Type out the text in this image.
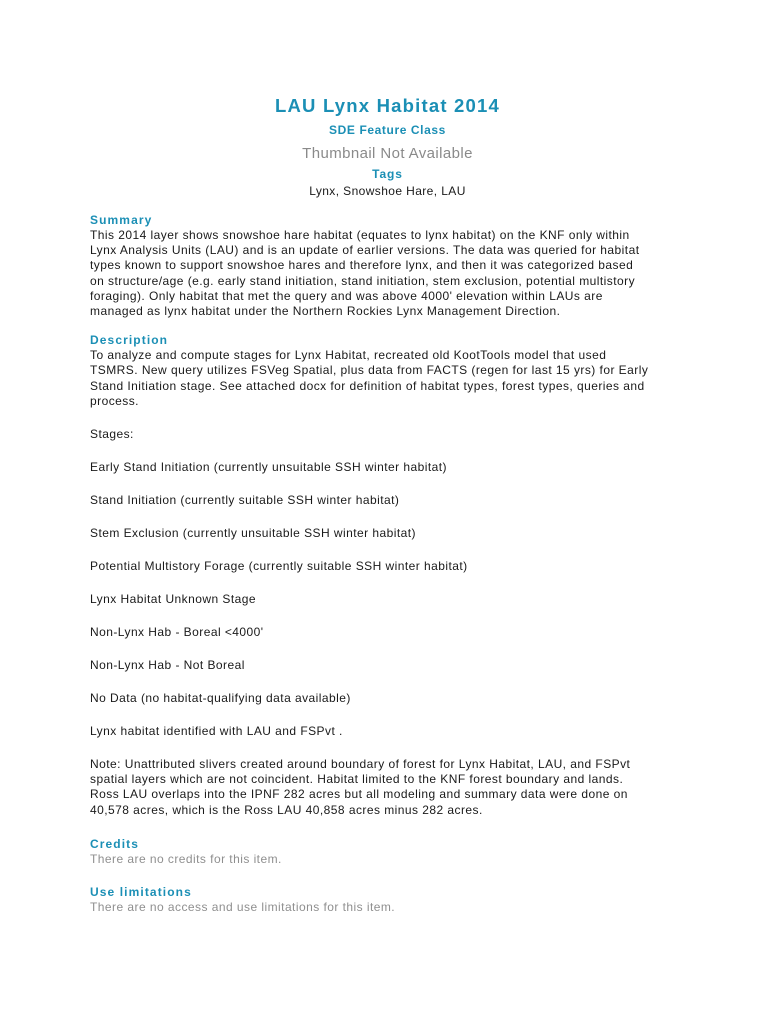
LAU Lynx Habitat 2014
SDE Feature Class
Thumbnail Not Available
Tags
Lynx, Snowshoe Hare, LAU
Summary
This 2014 layer shows snowshoe hare habitat (equates to lynx habitat) on the KNF only within
Lynx Analysis Units (LAU) and is an update of earlier versions. The data was queried for habitat
types known to support snowshoe hares and therefore lynx, and then it was categorized based
on structure/age (e.g. early stand initiation, stand initiation, stem exclusion, potential multistory
foraging). Only habitat that met the query and was above 4000' elevation within LAUs are
managed as lynx habitat under the Northern Rockies Lynx Management Direction.
Description
To analyze and compute stages for Lynx Habitat, recreated old KootTools model that used
TSMRS. New query utilizes FSVeg Spatial, plus data from FACTS (regen for last 15 yrs) for Early
Stand Initiation stage. See attached docx for definition of habitat types, forest types, queries and
process.
Stages:
Early Stand Initiation (currently unsuitable SSH winter habitat)
Stand Initiation (currently suitable SSH winter habitat)
Stem Exclusion (currently unsuitable SSH winter habitat)
Potential Multistory Forage (currently suitable SSH winter habitat)
Lynx Habitat Unknown Stage
Non-Lynx Hab - Boreal <4000'
Non-Lynx Hab - Not Boreal
No Data (no habitat-qualifying data available)
Lynx habitat identified with LAU and FSPvt .
Note: Unattributed slivers created around boundary of forest for Lynx Habitat, LAU, and FSPvt
spatial layers which are not coincident. Habitat limited to the KNF forest boundary and lands.
Ross LAU overlaps into the IPNF 282 acres but all modeling and summary data were done on
40,578 acres, which is the Ross LAU 40,858 acres minus 282 acres.
Credits
There are no credits for this item.
Use limitations
There are no access and use limitations for this item.
